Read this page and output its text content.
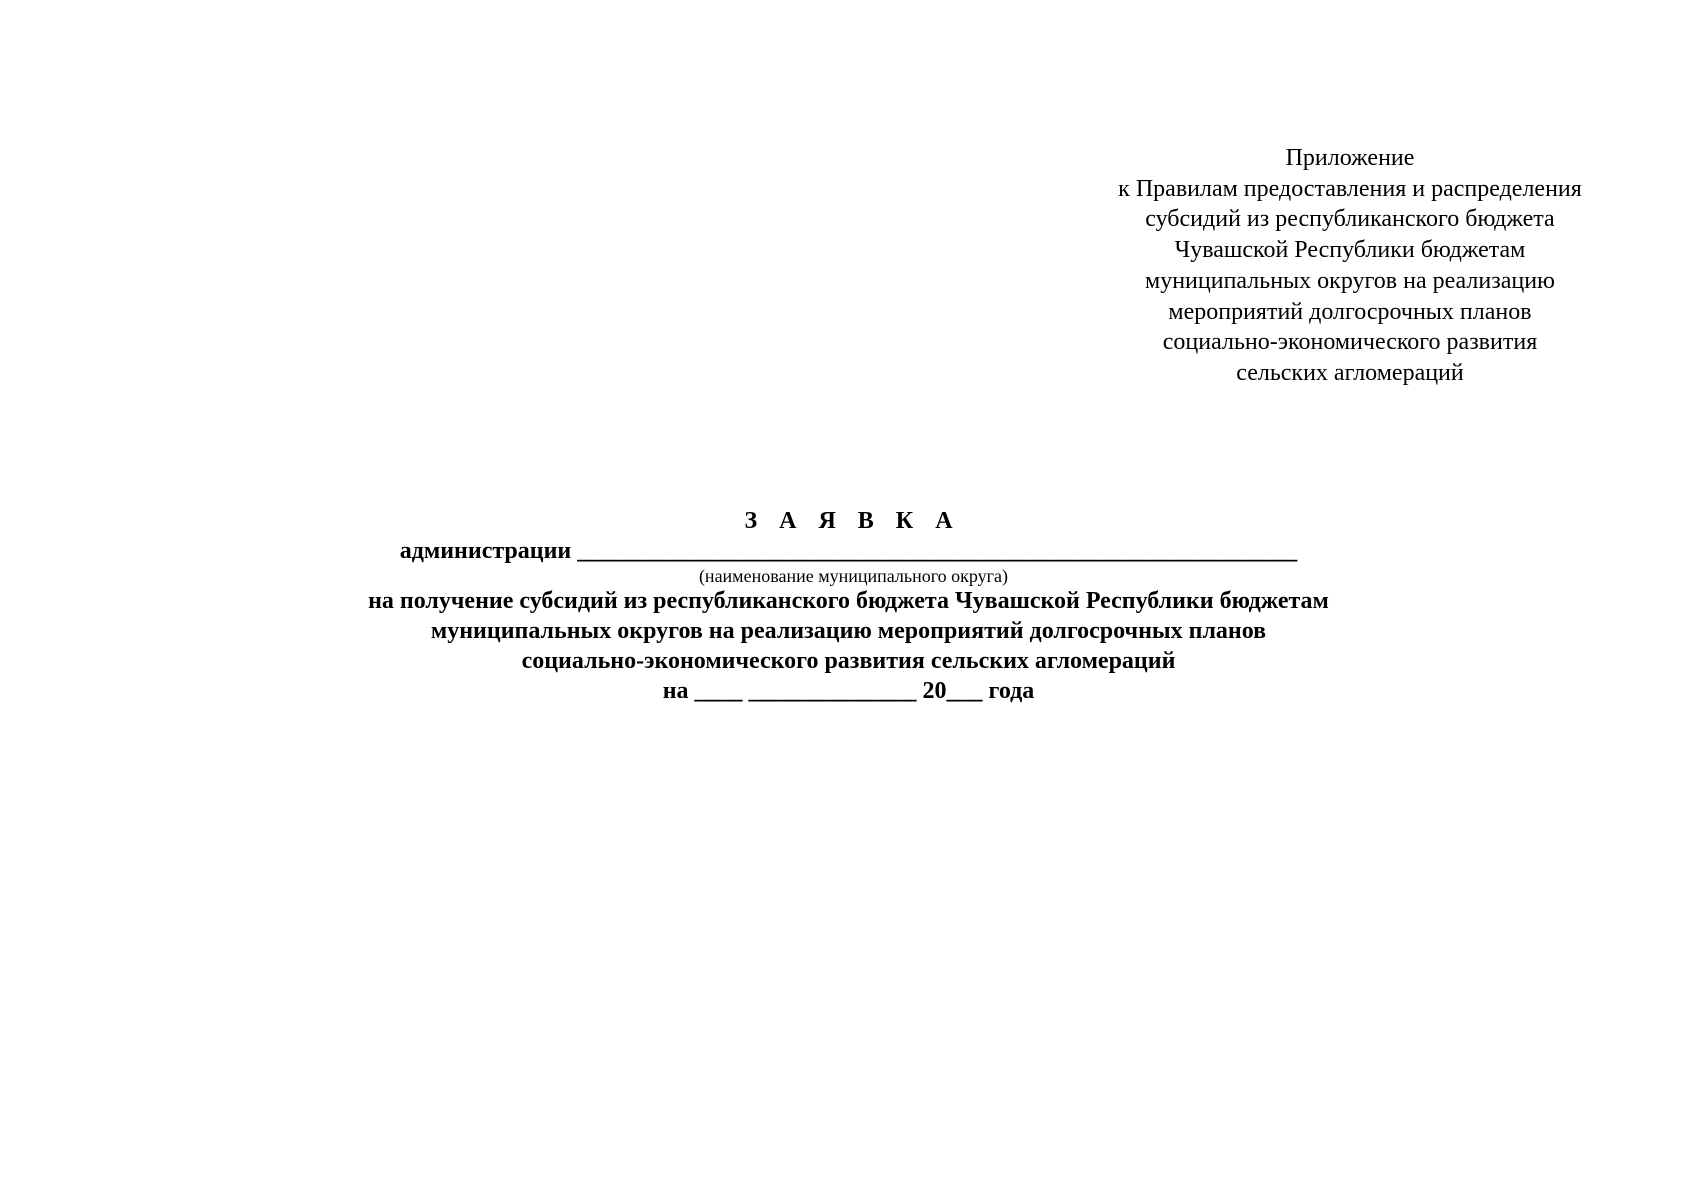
Приложение
к Правилам предоставления и распределения
субсидий из республиканского бюджета
Чувашской Республики бюджетам
муниципальных округов на реализацию
мероприятий долгосрочных планов
социально-экономического развития
сельских агломераций
З А Я В К А
администрации ____________________________________________________________
(наименование муниципального округа)
на получение субсидий из республиканского бюджета Чувашской Республики бюджетам
муниципальных округов на реализацию мероприятий долгосрочных планов
социально-экономического развития сельских агломераций
на ____ ______________ 20___ года
